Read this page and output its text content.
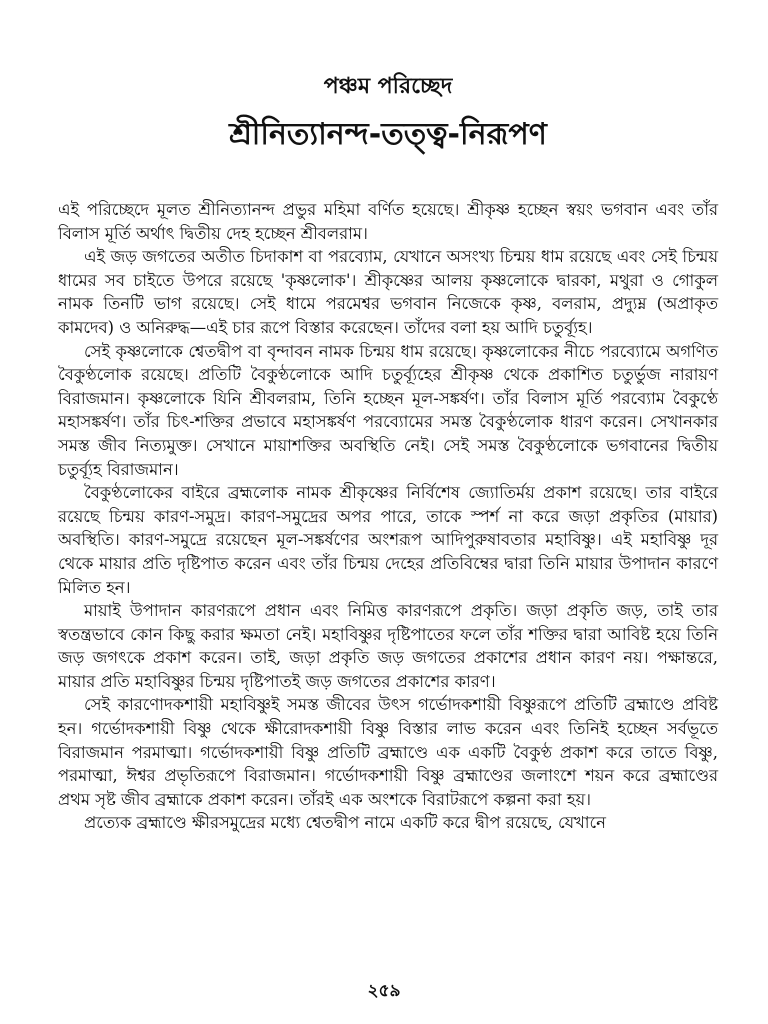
পঞ্চম পরিচ্ছেদ
শ্রীনিত্যানন্দ-তত্ত্ব-নিরূপণ

এই পরিচ্ছেদে মূলত শ্রীনিত্যানন্দ প্রভুর মহিমা বর্ণিত হয়েছে। শ্রীকৃষ্ণ হচ্ছেন স্বয়ং ভগবান এবং তাঁর বিলাস মূর্তি অর্থাৎ দ্বিতীয় দেহ হচ্ছেন শ্রীবলরাম।

এই জড় জগতের অতীত চিদাকাশ বা পরব্যোম, যেখানে অসংখ্য চিন্ময় ধাম রয়েছে এবং সেই চিন্ময় ধামের সব চাইতে উপরে রয়েছে 'কৃষ্ণলোক'। শ্রীকৃষ্ণের আলয় কৃষ্ণলোকে দ্বারকা, মথুরা ও গোকুল নামক তিনটি ভাগ রয়েছে। সেই ধামে পরমেশ্বর ভগবান নিজেকে কৃষ্ণ, বলরাম, প্রদ্যুম্ন (অপ্রাকৃত কামদেব) ও অনিরুদ্ধ—এই চার রূপে বিস্তার করেছেন। তাঁদের বলা হয় আদি চতুর্ব্যূহ।

সেই কৃষ্ণলোকে শ্বেতদ্বীপ বা বৃন্দাবন নামক চিন্ময় ধাম রয়েছে। কৃষ্ণলোকের নীচে পরব্যোমে অগণিত বৈকুণ্ঠলোক রয়েছে। প্রতিটি বৈকুণ্ঠলোকে আদি চতুর্ব্যূহের শ্রীকৃষ্ণ থেকে প্রকাশিত চতুর্ভুজ নারায়ণ বিরাজমান। কৃষ্ণলোকে যিনি শ্রীবলরাম, তিনি হচ্ছেন মূল-সঙ্কর্ষণ। তাঁর বিলাস মূর্তি পরব্যোম বৈকুণ্ঠে মহাসঙ্কর্ষণ। তাঁর চিৎ-শক্তির প্রভাবে মহাসঙ্কর্ষণ পরব্যোমের সমস্ত বৈকুণ্ঠলোক ধারণ করেন। সেখানকার সমস্ত জীব নিত্যমুক্ত। সেখানে মায়াশক্তির অবস্থিতি নেই। সেই সমস্ত বৈকুণ্ঠলোকে ভগবানের দ্বিতীয় চতুর্ব্যূহ বিরাজমান।

বৈকুণ্ঠলোকের বাইরে ব্রহ্মলোক নামক শ্রীকৃষ্ণের নির্বিশেষ জ্যোতির্ময় প্রকাশ রয়েছে। তার বাইরে রয়েছে চিন্ময় কারণ-সমুদ্র। কারণ-সমুদ্রের অপর পারে, তাকে স্পর্শ না করে জড়া প্রকৃতির (মায়ার) অবস্থিতি। কারণ-সমুদ্রে রয়েছেন মূল-সঙ্কর্ষণের অংশরূপ আদিপুরুষাবতার মহাবিষ্ণু। এই মহাবিষ্ণু দূর থেকে মায়ার প্রতি দৃষ্টিপাত করেন এবং তাঁর চিন্ময় দেহের প্রতিবিম্বের দ্বারা তিনি মায়ার উপাদান কারণে মিলিত হন।

মায়াই উপাদান কারণরূপে প্রধান এবং নিমিত্ত কারণরূপে প্রকৃতি। জড়া প্রকৃতি জড়, তাই তার স্বতন্ত্রভাবে কোন কিছু করার ক্ষমতা নেই। মহাবিষ্ণুর দৃষ্টিপাতের ফলে তাঁর শক্তির দ্বারা আবিষ্ট হয়ে তিনি জড় জগৎকে প্রকাশ করেন। তাই, জড়া প্রকৃতি জড় জগতের প্রকাশের প্রধান কারণ নয়। পক্ষান্তরে, মায়ার প্রতি মহাবিষ্ণুর চিন্ময় দৃষ্টিপাতই জড় জগতের প্রকাশের কারণ।

সেই কারণোদকশায়ী মহাবিষ্ণুই সমস্ত জীবের উৎস গর্ভোদকশায়ী বিষ্ণুরূপে প্রতিটি ব্রহ্মাণ্ডে প্রবিষ্ট হন। গর্ভোদকশায়ী বিষ্ণু থেকে ক্ষীরোদকশায়ী বিষ্ণু বিস্তার লাভ করেন এবং তিনিই হচ্ছেন সর্বভূতে বিরাজমান পরমাত্মা। গর্ভোদকশায়ী বিষ্ণু প্রতিটি ব্রহ্মাণ্ডে এক একটি বৈকুণ্ঠ প্রকাশ করে তাতে বিষ্ণু, পরমাত্মা, ঈশ্বর প্রভৃতিরূপে বিরাজমান। গর্ভোদকশায়ী বিষ্ণু ব্রহ্মাণ্ডের জলাংশে শয়ন করে ব্রহ্মাণ্ডের প্রথম সৃষ্ট জীব ব্রহ্মাকে প্রকাশ করেন। তাঁরই এক অংশকে বিরাটরূপে কল্পনা করা হয়।

প্রত্যেক ব্রহ্মাণ্ডে ক্ষীরসমুদ্রের মধ্যে শ্বেতদ্বীপ নামে একটি করে দ্বীপ রয়েছে, যেখানে

২৫৯
